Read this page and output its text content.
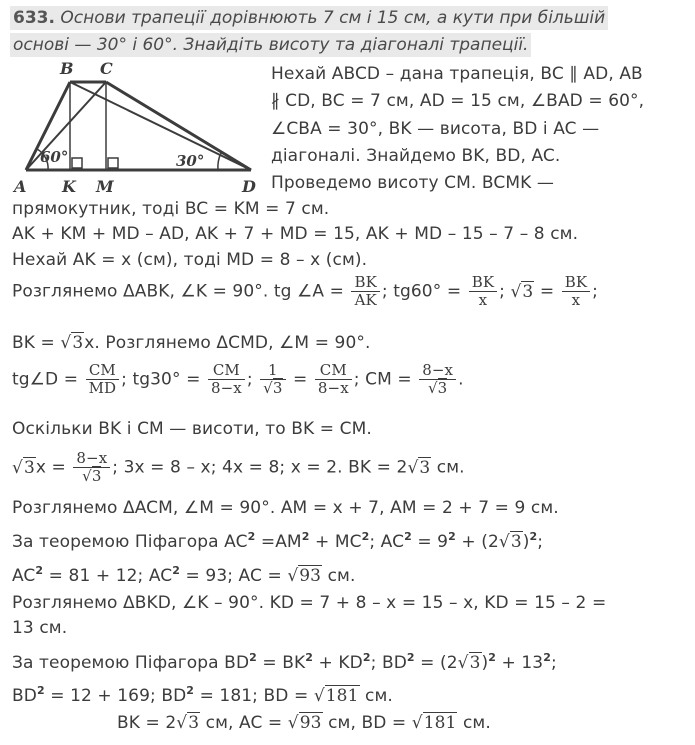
633. Основи трапеції дорівнюють 7 см і 15 см, а кути при більшій
основі — 30° і 60°. Знайдіть висоту та діагоналі трапеції.
A K M	D
B C
60°	30°
Нехай ABCD – дана трапеція, BC ∥ AD, AB
∦ CD, BC = 7 см, AD = 15 см, ∠BAD = 60°,
∠CBA = 30°, BK — висота, BD і AC —
діагоналі. Знайдемо BK, BD, AC.
Проведемо висоту CM. BCMK —
прямокутник, тоді BC = KM = 7 см.
AK + KM + MD – AD, AK + 7 + MD = 15, AK + MD – 15 – 7 – 8 см.
Нехай AK = x (см), тоді MD = 8 – x (см).
Розглянемо ΔABK, ∠K = 90°. tg ∠A = $\frac{BK}{AK}$ ; $tg60^\circ = \frac{BK}{x}$ ; $√3 = \frac{BK}{x}$ ;
BK = √3x. Розглянемо ΔCMD, ∠M = 90°.
tg∠D = $\frac{CM}{MD}$ ; $tg30^\circ = \frac{CM}{8-x}$ ; $\frac{1}{√3} = \frac{CM}{8-x}$ ; CM = $\frac{8-x}{√3}$ .
Оскільки BK і CM — висоти, то BK = CM.
$√3x = \frac{8-x}{√3}$ ; 3x = 8 – x; 4x = 8; x = 2. BK = 2√3 см.
Розглянемо ΔACM, ∠M = 90°. AM = x + 7, AM = 2 + 7 = 9 см.
За теоремою Піфагора $AC^2 =AM^2 + MC^2$; $AC^2 = 9^2 + (2√3)^2$;
$AC^2 = 81 + 12$; $AC^2 = 93$; AC = √93 см.
Розглянемо ΔBKD, ∠K – 90°. KD = 7 + 8 – x = 15 – x, KD = 15 – 2 =
13 см.
За теоремою Піфагора $BD^2 = BK^2 + KD^2$; $BD^2 = (2√3)^2 + 13^2$;
$BD^2 = 12 + 169$; $BD^2 = 181$; BD = √181 см.
BK = 2√3 см, AC = √93 см, BD = √181 см.
